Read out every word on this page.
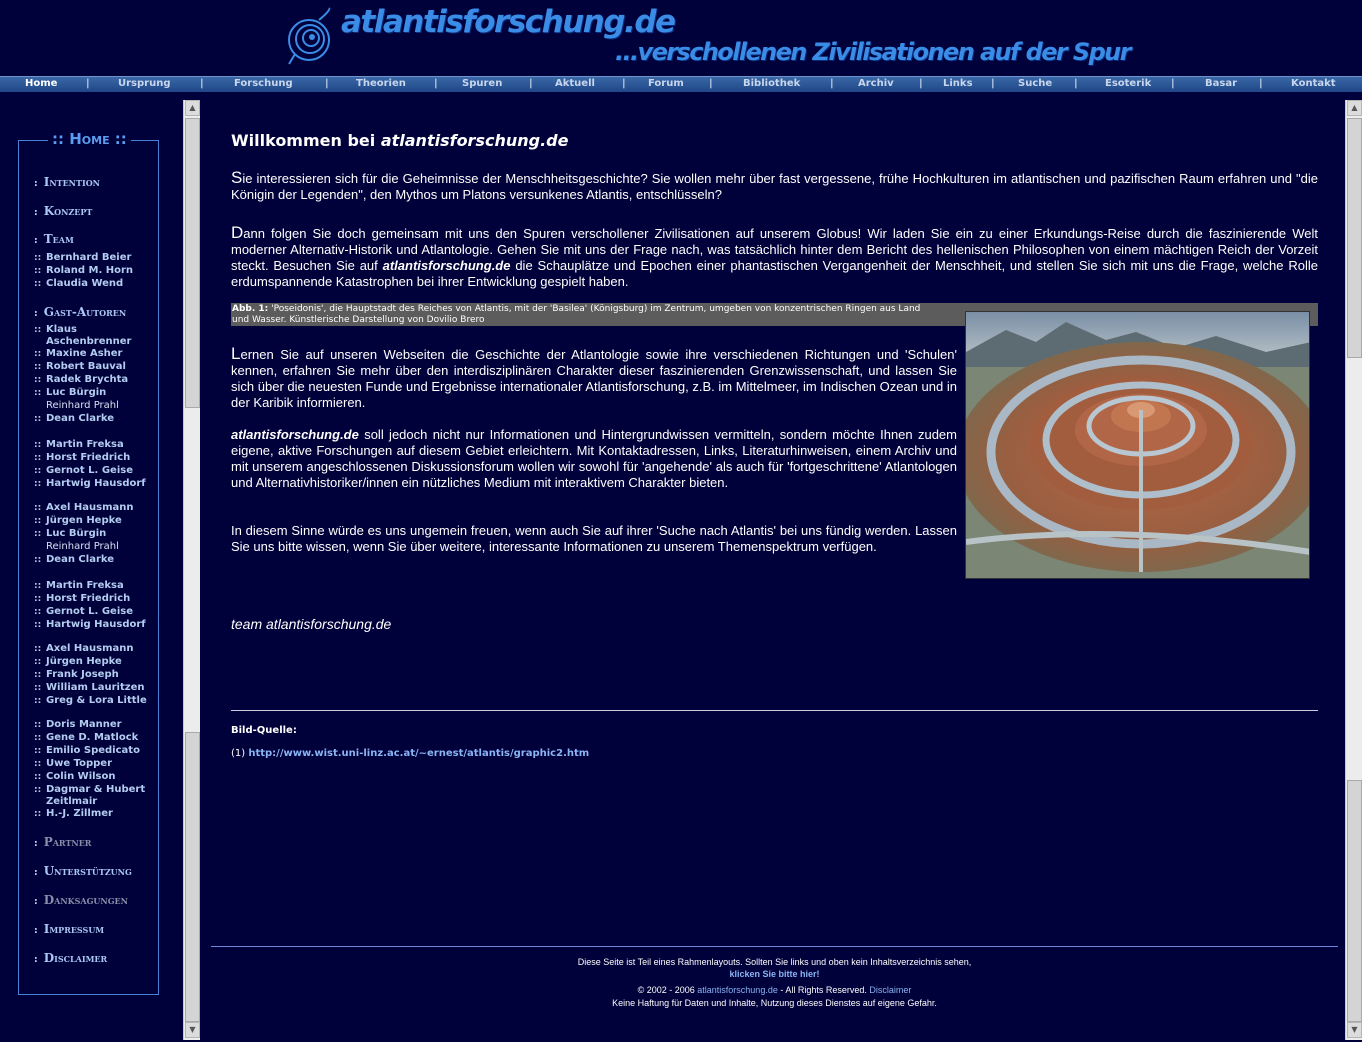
atlantisforschung.de
...verschollenen Zivilisationen auf der Spur
Home	|	Ursprung	|	Forschung	|	Theorien	| Spuren	| Aktuell	| Forum	|	Bibliothek	| Archiv	| Links | Suche |	Esoterik |	Basar |	Kontakt
:: Home ::
: Intention
: Konzept
: Team
:: Bernhard Beier
:: Roland M. Horn
:: Claudia Wend
: Gast-Autoren
:: Klaus Aschenbrenner
:: Maxine Asher
:: Robert Bauval
:: Radek Brychta
:: Luc Bürgin
Reinhard Prahl
:: Dean Clarke
:: Martin Freksa
:: Horst Friedrich
:: Gernot L. Geise
:: Hartwig Hausdorf
:: Axel Hausmann
:: Jürgen Hepke
:: Luc Bürgin
Reinhard Prahl
:: Dean Clarke
:: Martin Freksa
:: Horst Friedrich
:: Gernot L. Geise
:: Hartwig Hausdorf
:: Axel Hausmann
:: Jürgen Hepke
:: Frank Joseph
:: William Lauritzen
:: Greg & Lora Little
:: Doris Manner
:: Gene D. Matlock
:: Emilio Spedicato
:: Uwe Topper
:: Colin Wilson
:: Dagmar & Hubert Zeitlmair
:: H.-J. Zillmer
: Partner
: Unterstützung
: Danksagungen
: Impressum
: Disclaimer
▲
▼
Willkommen bei atlantisforschung.de
Sie interessieren sich für die Geheimnisse der Menschheitsgeschichte? Sie wollen mehr über fast vergessene, frühe Hochkulturen im atlantischen und pazifischen Raum erfahren und "die Königin der Legenden", den Mythos um Platons versunkenes Atlantis, entschlüsseln?
Dann folgen Sie doch gemeinsam mit uns den Spuren verschollener Zivilisationen auf unserem Globus! Wir laden Sie ein zu einer Erkundungs-Reise durch die faszinierende Welt moderner Alternativ-Historik und Atlantologie. Gehen Sie mit uns der Frage nach, was tatsächlich hinter dem Bericht des hellenischen Philosophen von einem mächtigen Reich der Vorzeit steckt. Besuchen Sie auf atlantisforschung.de die Schauplätze und Epochen einer phantastischen Vergangenheit der Menschheit, und stellen Sie sich mit uns die Frage, welche Rolle erdumspannende Katastrophen bei ihrer Entwicklung gespielt haben.
Abb. 1: 'Poseidonis', die Hauptstadt des Reiches von Atlantis, mit der 'Basilea' (Königsburg) im Zentrum, umgeben von konzentrischen Ringen aus Land und Wasser. Künstlerische Darstellung von Dovilio Brero
Lernen Sie auf unseren Webseiten die Geschichte der Atlantologie sowie ihre verschiedenen Richtungen und 'Schulen' kennen, erfahren Sie mehr über den interdisziplinären Charakter dieser faszinierenden Grenzwissenschaft, und lassen Sie sich über die neuesten Funde und Ergebnisse internationaler Atlantisforschung, z.B. im Mittelmeer, im Indischen Ozean und in der Karibik informieren.
atlantisforschung.de soll jedoch nicht nur Informationen und Hintergrundwissen vermitteln, sondern möchte Ihnen zudem eigene, aktive Forschungen auf diesem Gebiet erleichtern. Mit Kontaktadressen, Links, Literaturhinweisen, einem Archiv und mit unserem angeschlossenen Diskussionsforum wollen wir sowohl für 'angehende' als auch für 'fortgeschrittene' Atlantologen und Alternativhistoriker/innen ein nützliches Medium mit interaktivem Charakter bieten.
In diesem Sinne würde es uns ungemein freuen, wenn auch Sie auf ihrer 'Suche nach Atlantis' bei uns fündig werden. Lassen Sie uns bitte wissen, wenn Sie über weitere, interessante Informationen zu unserem Themenspektrum verfügen.
team atlantisforschung.de
Bild-Quelle:
(1) http://www.wist.uni-linz.ac.at/~ernest/atlantis/graphic2.htm
Diese Seite ist Teil eines Rahmenlayouts. Sollten Sie links und oben kein Inhaltsverzeichnis sehen,
klicken Sie bitte hier!
© 2002 - 2006 atlantisforschung.de - All Rights Reserved. Disclaimer
Keine Haftung für Daten und Inhalte, Nutzung dieses Dienstes auf eigene Gefahr.
▲
▼
